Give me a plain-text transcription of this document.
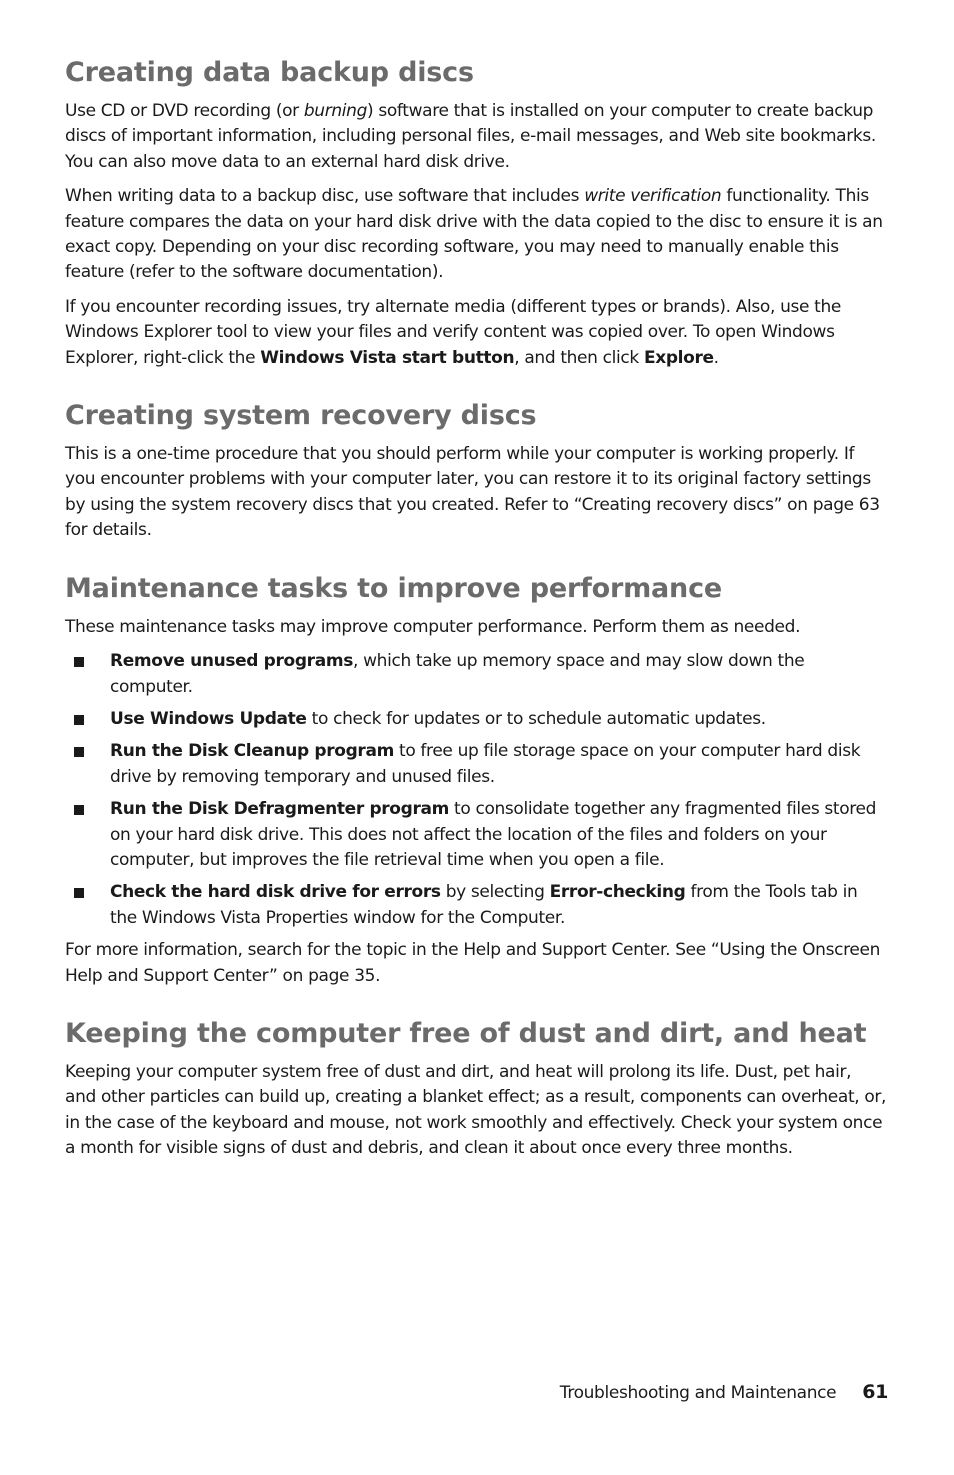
Creating data backup discs

Use CD or DVD recording (or burning) software that is installed on your computer to create backup discs of important information, including personal files, e-mail messages, and Web site bookmarks. You can also move data to an external hard disk drive.

When writing data to a backup disc, use software that includes write verification functionality. This feature compares the data on your hard disk drive with the data copied to the disc to ensure it is an exact copy. Depending on your disc recording software, you may need to manually enable this feature (refer to the software documentation).

If you encounter recording issues, try alternate media (different types or brands). Also, use the Windows Explorer tool to view your files and verify content was copied over. To open Windows Explorer, right-click the Windows Vista start button, and then click Explore.

Creating system recovery discs

This is a one-time procedure that you should perform while your computer is working properly. If you encounter problems with your computer later, you can restore it to its original factory settings by using the system recovery discs that you created. Refer to “Creating recovery discs” on page 63 for details.

Maintenance tasks to improve performance

These maintenance tasks may improve computer performance. Perform them as needed.

Remove unused programs, which take up memory space and may slow down the computer.
Use Windows Update to check for updates or to schedule automatic updates.
Run the Disk Cleanup program to free up file storage space on your computer hard disk drive by removing temporary and unused files.
Run the Disk Defragmenter program to consolidate together any fragmented files stored on your hard disk drive. This does not affect the location of the files and folders on your computer, but improves the file retrieval time when you open a file.
Check the hard disk drive for errors by selecting Error-checking from the Tools tab in the Windows Vista Properties window for the Computer.

For more information, search for the topic in the Help and Support Center. See “Using the Onscreen Help and Support Center” on page 35.

Keeping the computer free of dust and dirt, and heat

Keeping your computer system free of dust and dirt, and heat will prolong its life. Dust, pet hair, and other particles can build up, creating a blanket effect; as a result, components can overheat, or, in the case of the keyboard and mouse, not work smoothly and effectively. Check your system once a month for visible signs of dust and debris, and clean it about once every three months.

Troubleshooting and Maintenance 61
